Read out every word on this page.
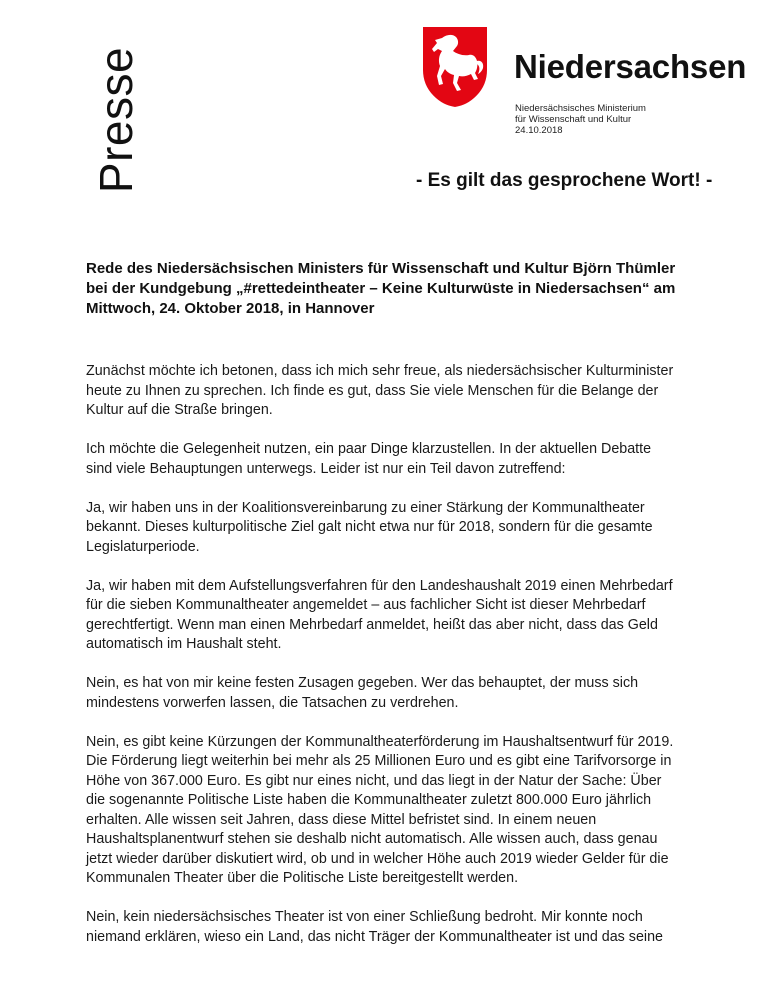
Presse	Niedersachsen
Niedersächsisches Ministerium
für Wissenschaft und Kultur
24.10.2018
- Es gilt das gesprochene Wort! -
Rede des Niedersächsischen Ministers für Wissenschaft und Kultur Björn Thümler
bei der Kundgebung „#rettedeintheater – Keine Kulturwüste in Niedersachsen“ am
Mittwoch, 24. Oktober 2018, in Hannover
Zunächst möchte ich betonen, dass ich mich sehr freue, als niedersächsischer Kulturminister
heute zu Ihnen zu sprechen. Ich finde es gut, dass Sie viele Menschen für die Belange der
Kultur auf die Straße bringen.
Ich möchte die Gelegenheit nutzen, ein paar Dinge klarzustellen. In der aktuellen Debatte
sind viele Behauptungen unterwegs. Leider ist nur ein Teil davon zutreffend:
Ja, wir haben uns in der Koalitionsvereinbarung zu einer Stärkung der Kommunaltheater
bekannt. Dieses kulturpolitische Ziel galt nicht etwa nur für 2018, sondern für die gesamte
Legislaturperiode.
Ja, wir haben mit dem Aufstellungsverfahren für den Landeshaushalt 2019 einen Mehrbedarf
für die sieben Kommunaltheater angemeldet – aus fachlicher Sicht ist dieser Mehrbedarf
gerechtfertigt. Wenn man einen Mehrbedarf anmeldet, heißt das aber nicht, dass das Geld
automatisch im Haushalt steht.
Nein, es hat von mir keine festen Zusagen gegeben. Wer das behauptet, der muss sich
mindestens vorwerfen lassen, die Tatsachen zu verdrehen.
Nein, es gibt keine Kürzungen der Kommunaltheaterförderung im Haushaltsentwurf für 2019.
Die Förderung liegt weiterhin bei mehr als 25 Millionen Euro und es gibt eine Tarifvorsorge in
Höhe von 367.000 Euro. Es gibt nur eines nicht, und das liegt in der Natur der Sache: Über
die sogenannte Politische Liste haben die Kommunaltheater zuletzt 800.000 Euro jährlich
erhalten. Alle wissen seit Jahren, dass diese Mittel befristet sind. In einem neuen
Haushaltsplanentwurf stehen sie deshalb nicht automatisch. Alle wissen auch, dass genau
jetzt wieder darüber diskutiert wird, ob und in welcher Höhe auch 2019 wieder Gelder für die
Kommunalen Theater über die Politische Liste bereitgestellt werden.
Nein, kein niedersächsisches Theater ist von einer Schließung bedroht. Mir konnte noch
niemand erklären, wieso ein Land, das nicht Träger der Kommunaltheater ist und das seine
